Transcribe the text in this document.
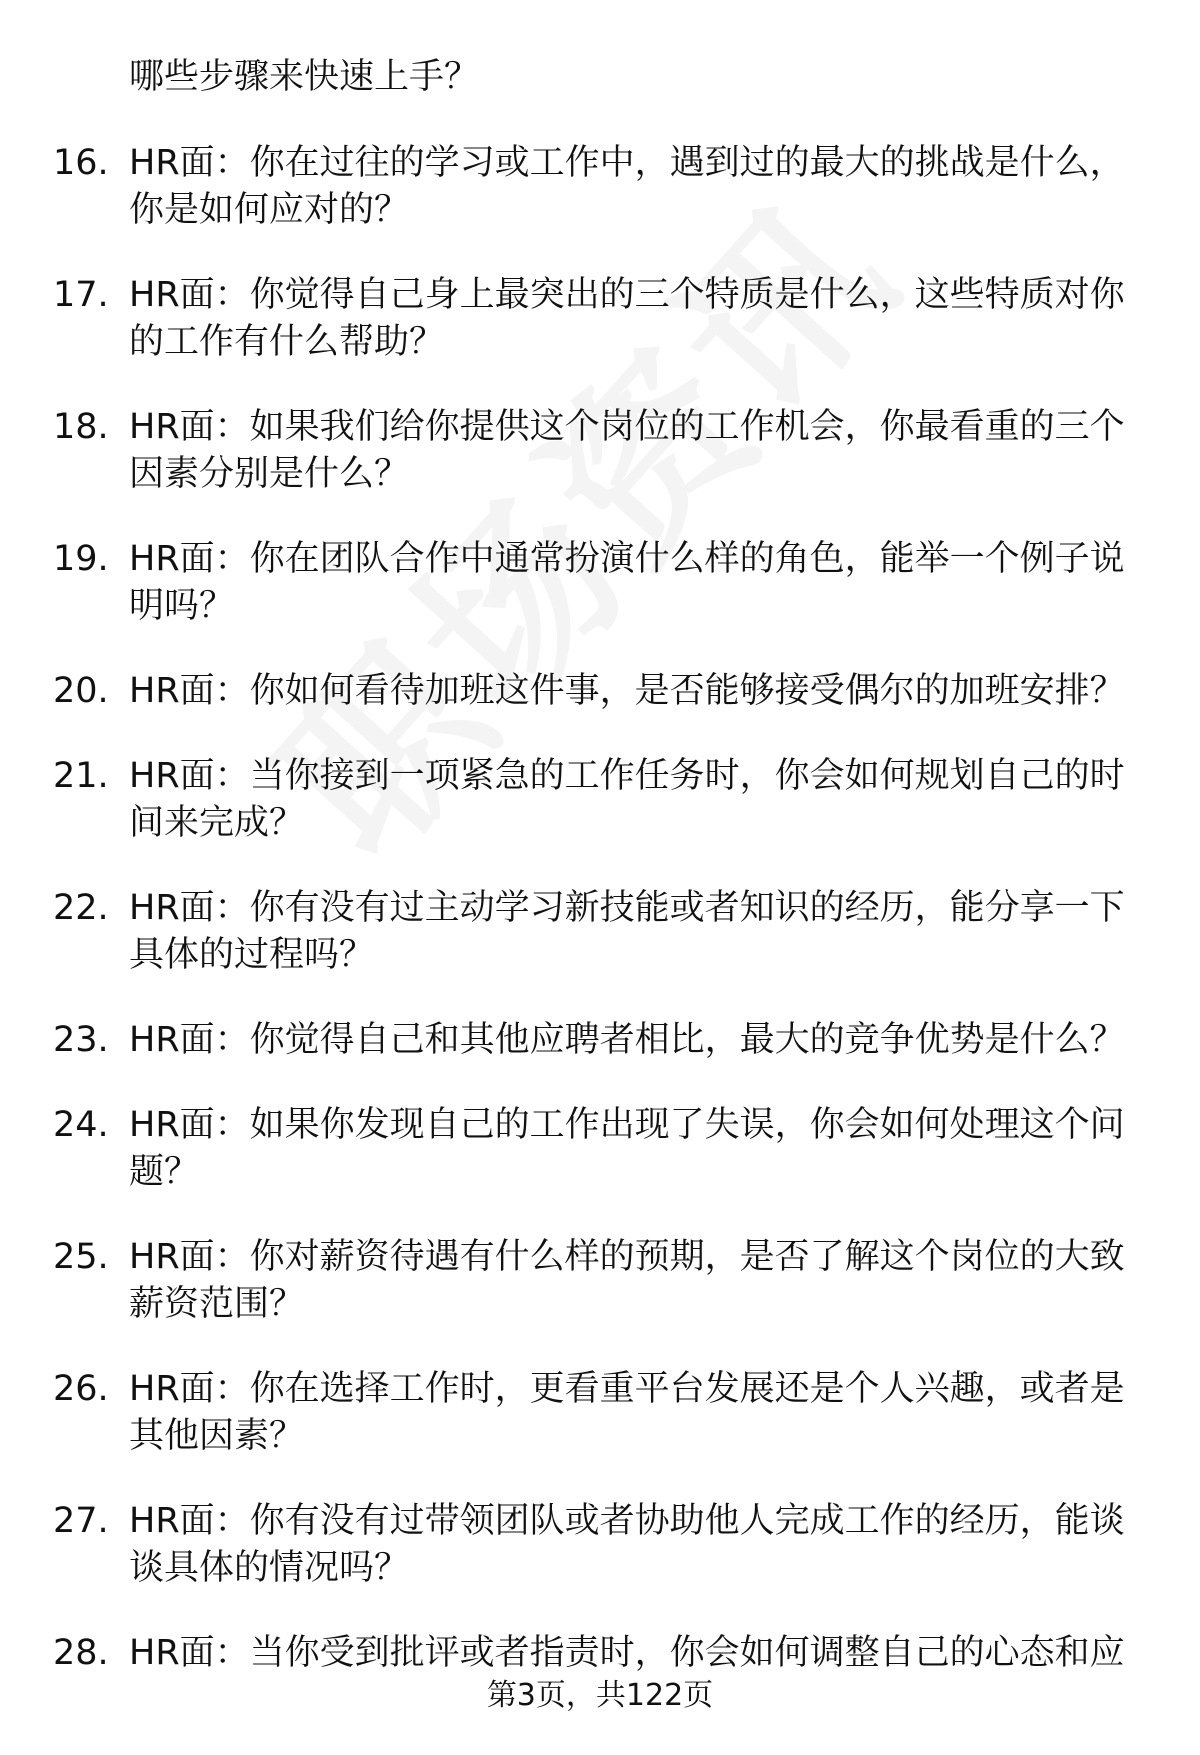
哪些步骤来快速上手？
16. HR面：你在过往的学习或工作中，遇到过的最大的挑战是什么，你是如何应对的？
17. HR面：你觉得自己身上最突出的三个特质是什么，这些特质对你的工作有什么帮助？
18. HR面：如果我们给你提供这个岗位的工作机会，你最看重的三个因素分别是什么？
19. HR面：你在团队合作中通常扮演什么样的角色，能举一个例子说明吗？
20. HR面：你如何看待加班这件事，是否能够接受偶尔的加班安排？
21. HR面：当你接到一项紧急的工作任务时，你会如何规划自己的时间来完成？
22. HR面：你有没有过主动学习新技能或者知识的经历，能分享一下具体的过程吗？
23. HR面：你觉得自己和其他应聘者相比，最大的竞争优势是什么？
24. HR面：如果你发现自己的工作出现了失误，你会如何处理这个问题？
25. HR面：你对薪资待遇有什么样的预期，是否了解这个岗位的大致薪资范围？
26. HR面：你在选择工作时，更看重平台发展还是个人兴趣，或者是其他因素？
27. HR面：你有没有过带领团队或者协助他人完成工作的经历，能谈谈具体的情况吗？
28. HR面：当你受到批评或者指责时，你会如何调整自己的心态和应
第3页，共122页
